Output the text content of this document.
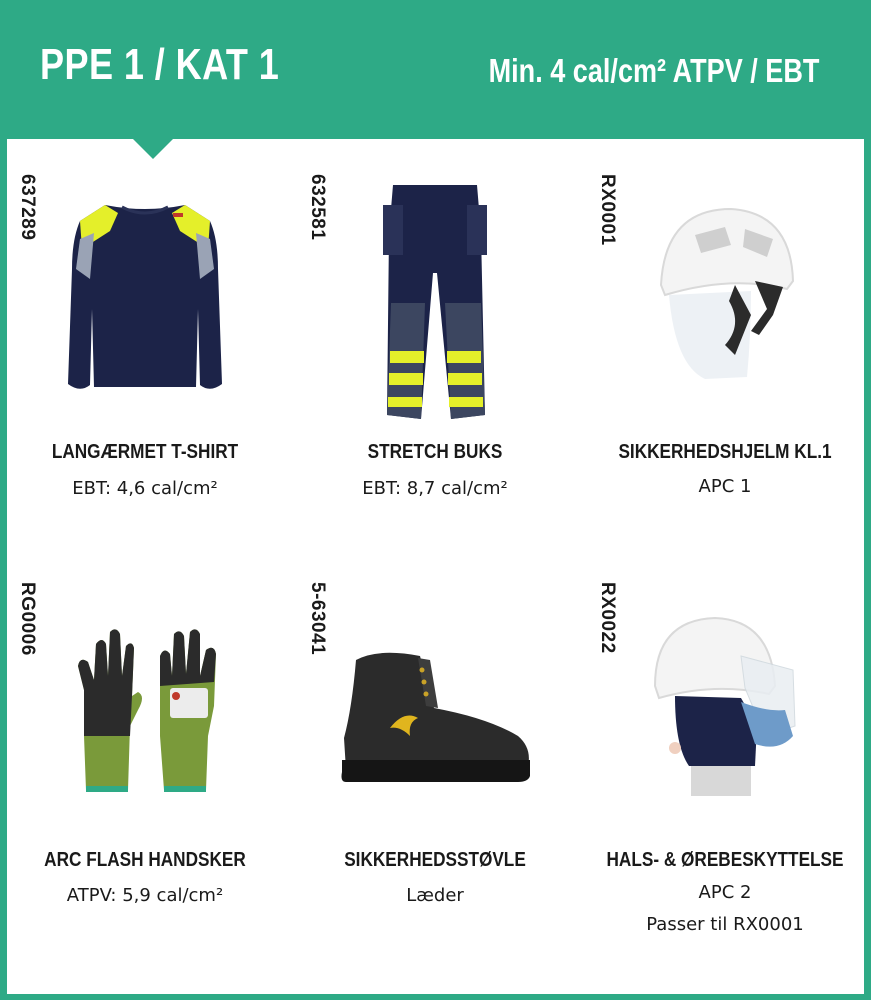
PPE 1 / KAT 1	Min. 4 cal/cm² ATPV / EBT
637289
LANGÆRMET T-SHIRT
EBT: 4,6 cal/cm²
632581
STRETCH BUKS
EBT: 8,7 cal/cm²
RX0001
SIKKERHEDSHJELM KL.1
APC 1
RG0006
ARC FLASH HANDSKER
ATPV: 5,9 cal/cm²
5-63041
SIKKERHEDSSTØVLE
Læder
RX0022
HALS- & ØREBESKYTTELSE
APC 2
Passer til RX0001
